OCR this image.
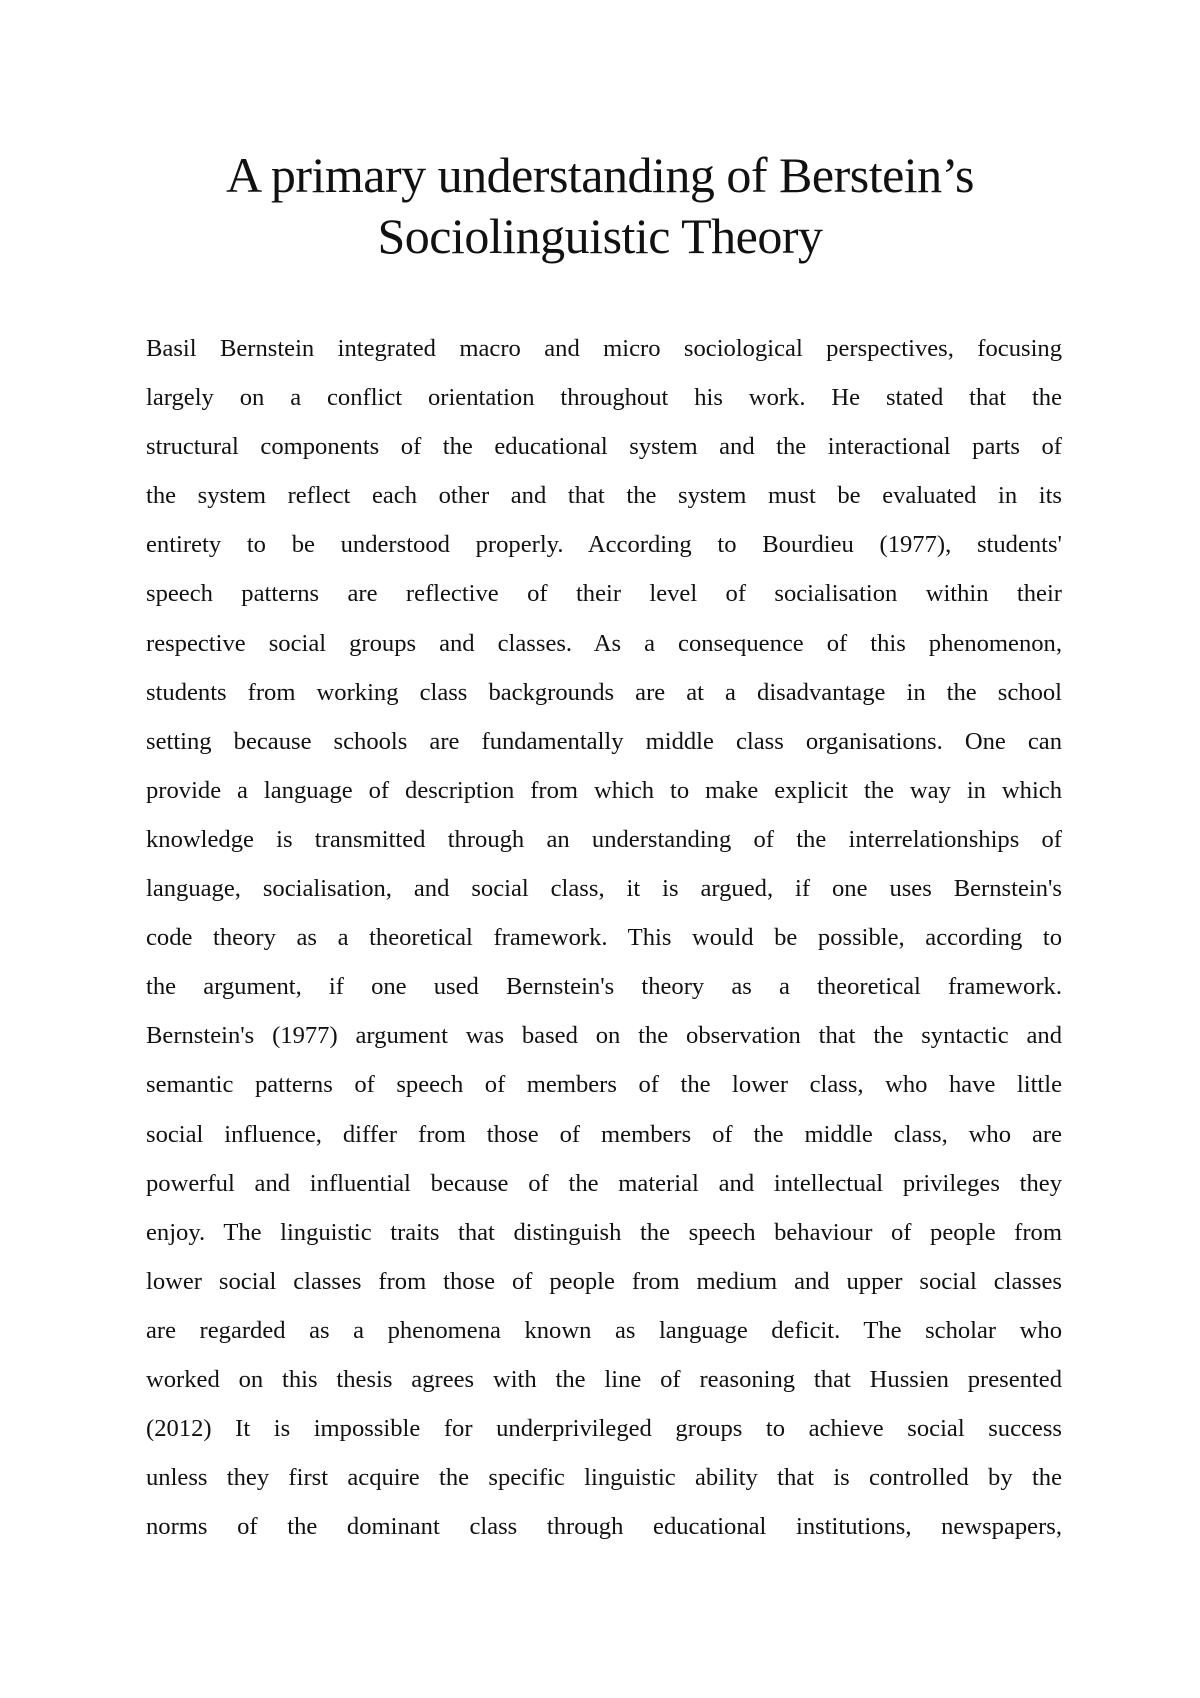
A primary understanding of Berstein’s
Sociolinguistic Theory
Basil Bernstein integrated macro and micro sociological perspectives, focusing
largely on a conflict orientation throughout his work. He stated that the
structural components of the educational system and the interactional parts of
the system reflect each other and that the system must be evaluated in its
entirety to be understood properly. According to Bourdieu (1977), students'
speech patterns are reflective of their level of socialisation within their
respective social groups and classes. As a consequence of this phenomenon,
students from working class backgrounds are at a disadvantage in the school
setting because schools are fundamentally middle class organisations. One can
provide a language of description from which to make explicit the way in which
knowledge is transmitted through an understanding of the interrelationships of
language, socialisation, and social class, it is argued, if one uses Bernstein's
code theory as a theoretical framework. This would be possible, according to
the argument, if one used Bernstein's theory as a theoretical framework.
Bernstein's (1977) argument was based on the observation that the syntactic and
semantic patterns of speech of members of the lower class, who have little
social influence, differ from those of members of the middle class, who are
powerful and influential because of the material and intellectual privileges they
enjoy. The linguistic traits that distinguish the speech behaviour of people from
lower social classes from those of people from medium and upper social classes
are regarded as a phenomena known as language deficit. The scholar who
worked on this thesis agrees with the line of reasoning that Hussien presented
(2012) It is impossible for underprivileged groups to achieve social success
unless they first acquire the specific linguistic ability that is controlled by the
norms of the dominant class through educational institutions, newspapers,
